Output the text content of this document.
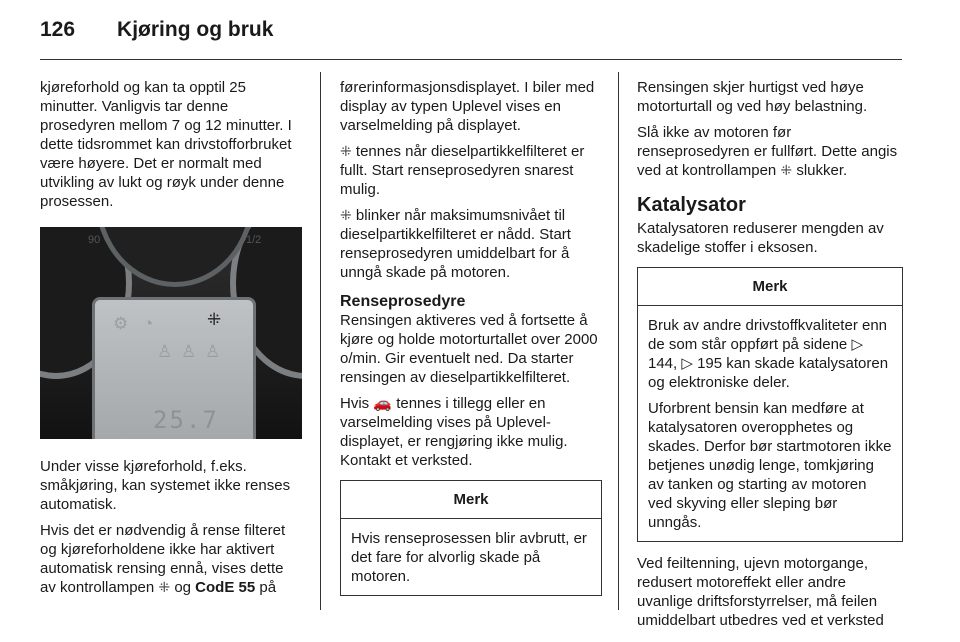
126 Kjøring og bruk

kjøreforhold og kan ta opptil 25 minutter. Vanligvis tar denne prosedyren mellom 7 og 12 minutter. I dette tidsrommet kan drivstofforbruket være høyere. Det er normalt med utvikling av lukt og røyk under denne prosessen.

90	1/2
⁜
⚙ ◔
♙ ♙ ♙
25.7

Under visse kjøreforhold, f.eks. småkjøring, kan systemet ikke renses automatisk.

Hvis det er nødvendig å rense filteret og kjøreforholdene ikke har aktivert automatisk rensing ennå, vises dette av kontrollampen ⁜ og CodE 55 på

førerinformasjonsdisplayet. I biler med display av typen Uplevel vises en varselmelding på displayet.

⁜ tennes når dieselpartikkelfilteret er fullt. Start renseprosedyren snarest mulig.

⁜ blinker når maksimumsnivået til dieselpartikkelfilteret er nådd. Start renseprosedyren umiddelbart for å unngå skade på motoren.

Renseprosedyre

Rensingen aktiveres ved å fortsette å kjøre og holde motorturtallet over 2000 o/min. Gir eventuelt ned. Da starter rensingen av dieselpartikkelfilteret.

Hvis 🚗 tennes i tillegg eller en varselmelding vises på Uplevel-displayet, er rengjøring ikke mulig. Kontakt et verksted.

Merk

Hvis renseprosessen blir avbrutt, er det fare for alvorlig skade på motoren.

Rensingen skjer hurtigst ved høye motorturtall og ved høy belastning.

Slå ikke av motoren før renseprosedyren er fullført. Dette angis ved at kontrollampen ⁜ slukker.

Katalysator

Katalysatoren reduserer mengden av skadelige stoffer i eksosen.

Merk

Bruk av andre drivstoffkvaliteter enn de som står oppført på sidene ▷ 144, ▷ 195 kan skade katalysatoren og elektroniske deler.

Uforbrent bensin kan medføre at katalysatoren overopphetes og skades. Derfor bør startmotoren ikke betjenes unødig lenge, tomkjøring av tanken og starting av motoren ved skyving eller sleping bør unngås.

Ved feiltenning, ujevn motorgange, redusert motoreffekt eller andre uvanlige driftsforstyrrelser, må feilen umiddelbart utbedres ved et verksted
